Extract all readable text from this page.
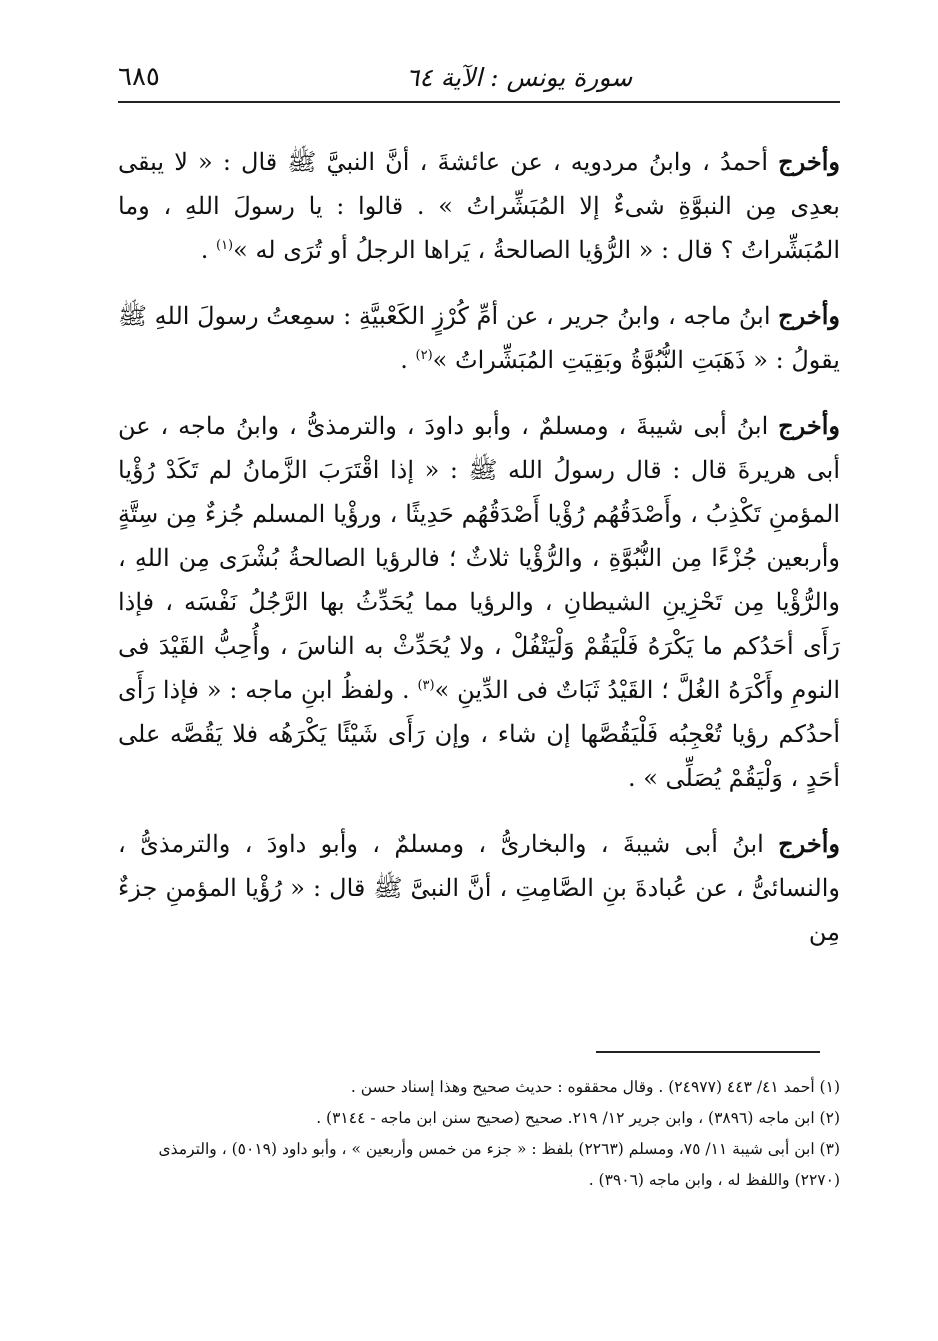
سورة يونس : الآية ٦٤
٦٨٥

وأخرج أحمدُ ، وابنُ مردويه ، عن عائشةَ ، أنَّ النبيَّ ﷺ قال : « لا يبقى بعدِى مِن النبوَّةِ شىءٌ إلا المُبَشِّراتُ » . قالوا : يا رسولَ اللهِ ، وما المُبَشِّراتُ ؟ قال : « الرُّؤيا الصالحةُ ، يَراها الرجلُ أو تُرَى له »$^{(١)}$ .

وأخرج ابنُ ماجه ، وابنُ جرير ، عن أمِّ كُرْزٍ الكَعْبيَّةِ : سمِعتُ رسولَ اللهِ ﷺ يقولُ : « ذَهَبَتِ النُّبُوَّةُ وبَقِيَتِ المُبَشِّراتُ »$^{(٢)}$ .

وأخرج ابنُ أبى شيبةَ ، ومسلمٌ ، وأبو داودَ ، والترمذىُّ ، وابنُ ماجه ، عن أبى هريرةَ قال : قال رسولُ الله ﷺ : « إذا اقْتَرَبَ الزَّمانُ لم تَكَدْ رُؤْيا المؤمنِ تَكْذِبُ ، وأَصْدَقُهُم رُؤْيا أَصْدَقُهُم حَدِيثًا ، ورؤْيا المسلم جُزءٌ مِن سِتَّةٍ وأربعين جُزْءًا مِن النُّبُوَّةِ ، والرُّؤْيا ثلاثٌ ؛ فالرؤيا الصالحةُ بُشْرَى مِن اللهِ ، والرُّؤْيا مِن تَحْزِينِ الشيطانِ ، والرؤيا مما يُحَدِّثُ بها الرَّجُلُ نَفْسَه ، فإذا رَأَى أحَدُكم ما يَكْرَهُ فَلْيَقُمْ وَلْيَتْفُلْ ، ولا يُحَدِّثْ به الناسَ ، وأُحِبُّ القَيْدَ فى النومِ وأَكْرَهُ الغُلَّ ؛ القَيْدُ ثَبَاتٌ فى الدِّينِ »$^{(٣)}$ . ولفظُ ابنِ ماجه : « فإذا رَأَى أحدُكم رؤيا تُعْجِبُه فَلْيَقُصَّها إن شاء ، وإن رَأَى شَيْئًا يَكْرَهُه فلا يَقُصَّه على أحَدٍ ، وَلْيَقُمْ يُصَلِّى » .

وأخرج ابنُ أبى شيبةَ ، والبخارىُّ ، ومسلمٌ ، وأبو داودَ ، والترمذىُّ ، والنسائىُّ ، عن عُبادةَ بنِ الصَّامِتِ ، أنَّ النبىَّ ﷺ قال : « رُؤْيا المؤمنِ جزءٌ مِن

(١) أحمد ٤١/ ٤٤٣ (٢٤٩٧٧) . وقال محققوه : حديث صحيح وهذا إسناد حسن .

(٢) ابن ماجه (٣٨٩٦) ، وابن جرير ١٢/ ٢١٩. صحيح (صحيح سنن ابن ماجه - ٣١٤٤) .

(٣) ابن أبى شيبة ١١/ ٧٥، ومسلم (٢٢٦٣) بلفظ : « جزء من خمس وأربعين » ، وأبو داود (٥٠١٩) ، والترمذى (٢٢٧٠) واللفظ له ، وابن ماجه (٣٩٠٦) .
